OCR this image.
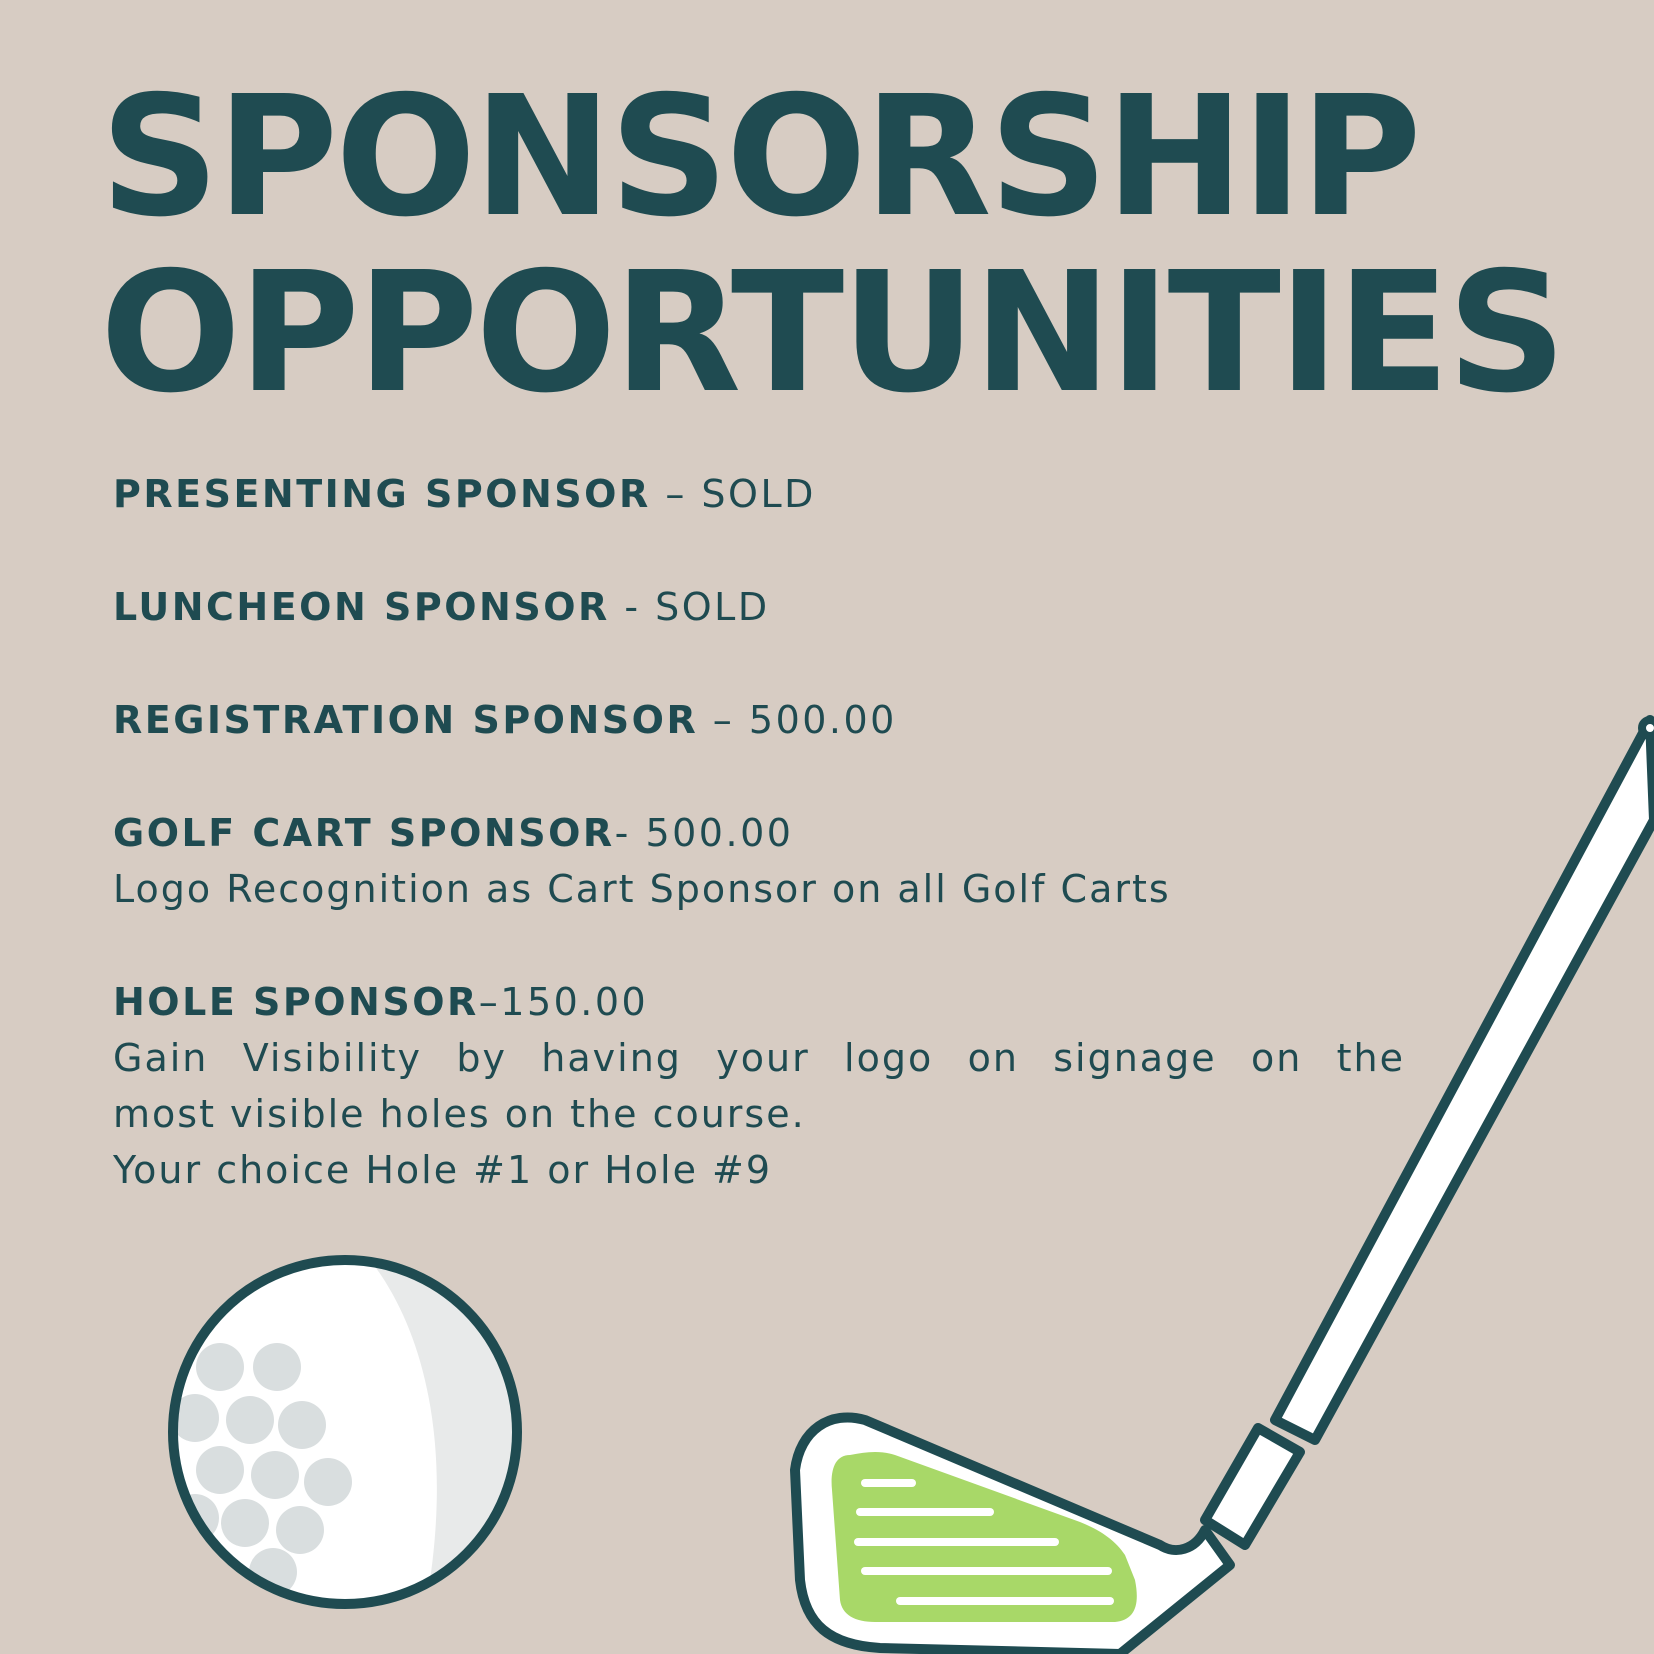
SPONSORSHIP
OPPORTUNITIES
PRESENTING SPONSOR – SOLD
LUNCHEON SPONSOR - SOLD
REGISTRATION SPONSOR – 500.00
GOLF CART SPONSOR- 500.00
Logo Recognition as Cart Sponsor on all Golf Carts
HOLE SPONSOR–150.00
Gain Visibility by having your logo on signage on the
most visible holes on the course.
Your choice Hole #1 or Hole #9
